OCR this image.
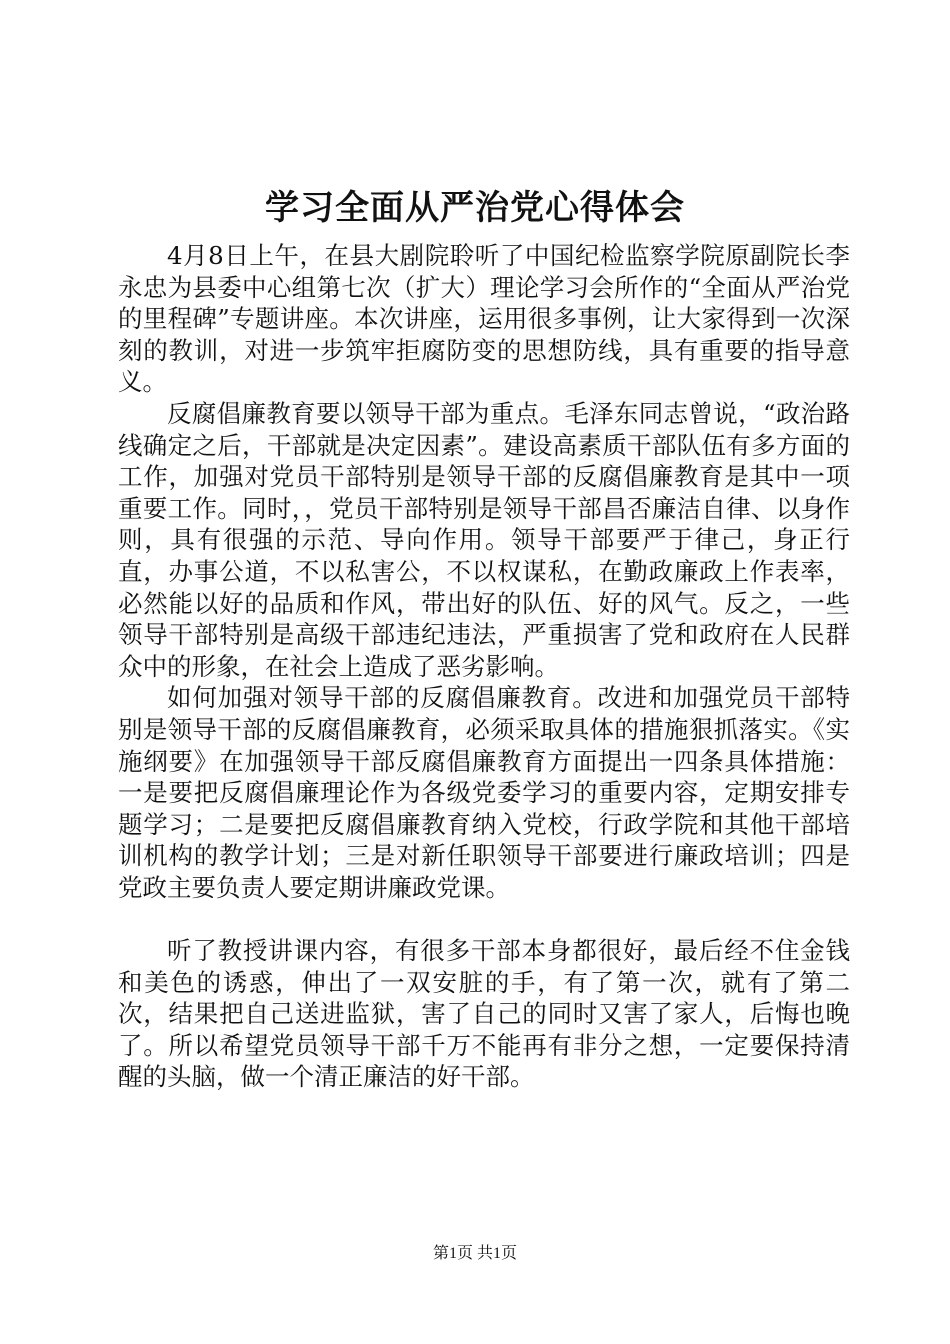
学习全面从严治党心得体会

4月8日上午，在县大剧院聆听了中国纪检监察学院原副院长李永忠为县委中心组第七次（扩大）理论学习会所作的“全面从严治党的里程碑”专题讲座。本次讲座，运用很多事例，让大家得到一次深刻的教训，对进一步筑牢拒腐防变的思想防线，具有重要的指导意义。

反腐倡廉教育要以领导干部为重点。毛泽东同志曾说，“政治路线确定之后，干部就是决定因素”。建设高素质干部队伍有多方面的工作，加强对党员干部特别是领导干部的反腐倡廉教育是其中一项重要工作。同时，，党员干部特别是领导干部昌否廉洁自律、以身作则，具有很强的示范、导向作用。领导干部要严于律己，身正行直，办事公道，不以私害公，不以权谋私，在勤政廉政上作表率，必然能以好的品质和作风，带出好的队伍、好的风气。反之，一些领导干部特别是高级干部违纪违法，严重损害了党和政府在人民群众中的形象，在社会上造成了恶劣影响。

如何加强对领导干部的反腐倡廉教育。改进和加强党员干部特别是领导干部的反腐倡廉教育，必须采取具体的措施狠抓落实。《实施纲要》在加强领导干部反腐倡廉教育方面提出一四条具体措施：一是要把反腐倡廉理论作为各级党委学习的重要内容，定期安排专题学习；二是要把反腐倡廉教育纳入党校，行政学院和其他干部培训机构的教学计划；三是对新任职领导干部要进行廉政培训；四是党政主要负责人要定期讲廉政党课。

听了教授讲课内容，有很多干部本身都很好，最后经不住金钱和美色的诱惑，伸出了一双安脏的手，有了第一次，就有了第二次，结果把自己送进监狱，害了自己的同时又害了家人，后悔也晚了。所以希望党员领导干部千万不能再有非分之想，一定要保持清醒的头脑，做一个清正廉洁的好干部。

第1页 共1页
